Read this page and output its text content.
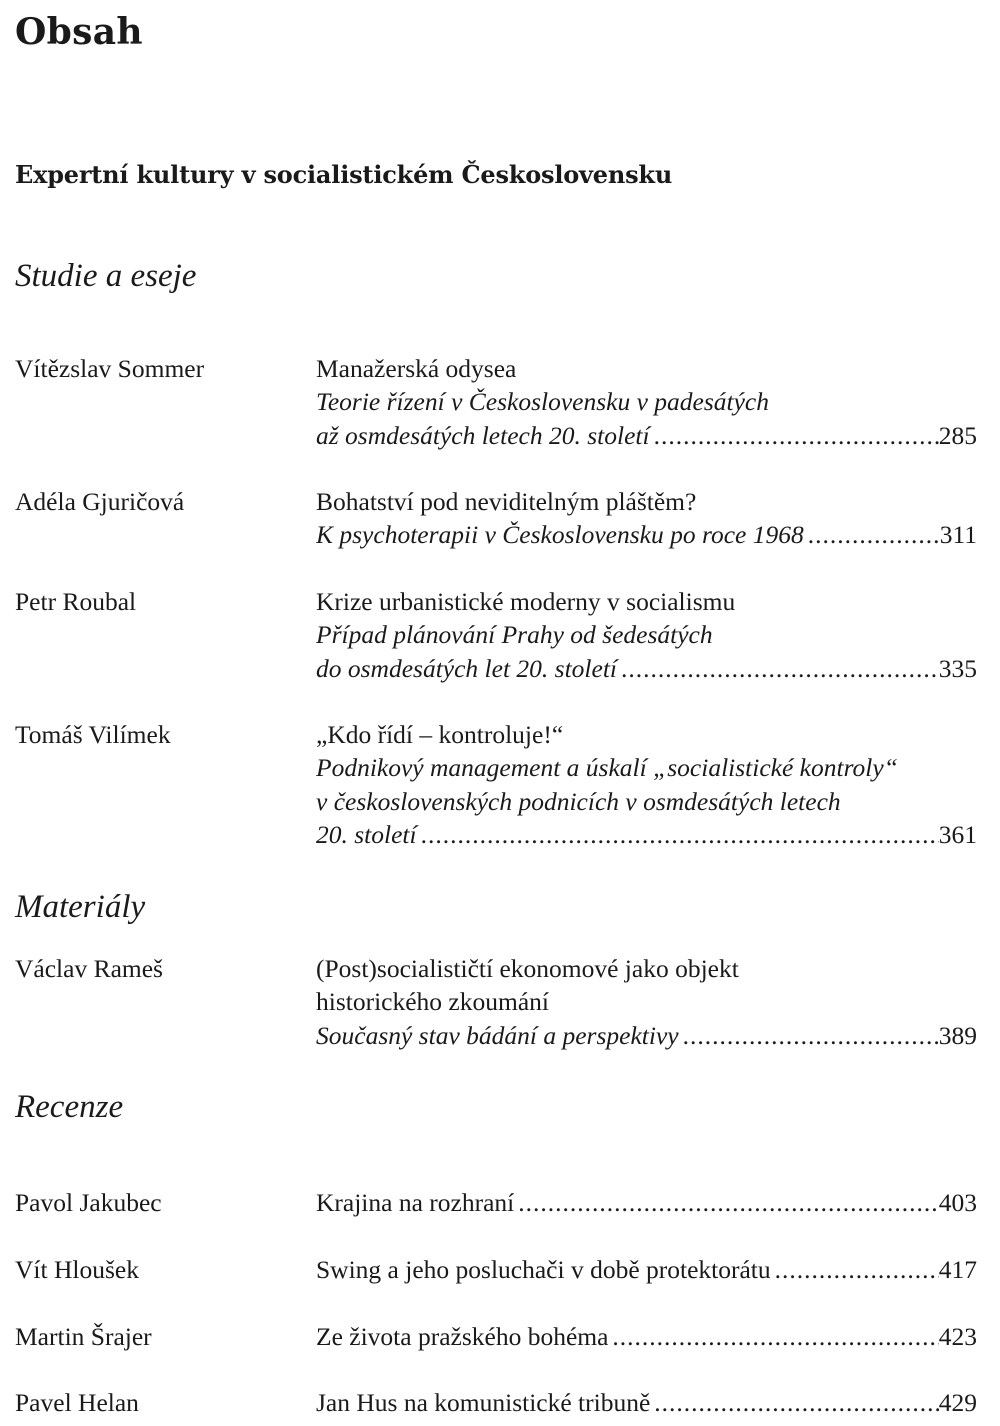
Obsah
Expertní kultury v socialistickém Československu
Studie a eseje
Vítězslav Sommer	Manažerská odysea
Teorie řízení v Československu v padesátých
až osmdesátých letech 20. století .....	285
Adéla Gjuričová	Bohatství pod neviditelným pláštěm?
K psychoterapii v Československu po roce 1968 .....	311
Petr Roubal	Krize urbanistické moderny v socialismu
Případ plánování Prahy od šedesátých
do osmdesátých let 20. století .....	335
Tomáš Vilímek	„Kdo řídí – kontroluje!“
Podnikový management a úskalí „socialistické kontroly“
v československých podnicích v osmdesátých letech
20. století .....	361
Materiály
Václav Rameš	(Post)socialističtí ekonomové jako objekt
historického zkoumání
Současný stav bádání a perspektivy .....	389
Recenze
Pavol Jakubec	Krajina na rozhraní .....	403
Vít Hloušek	Swing a jeho posluchači v době protektorátu .....	417
Martin Šrajer	Ze života pražského bohéma .....	423
Pavel Helan	Jan Hus na komunistické tribuně .....	429
